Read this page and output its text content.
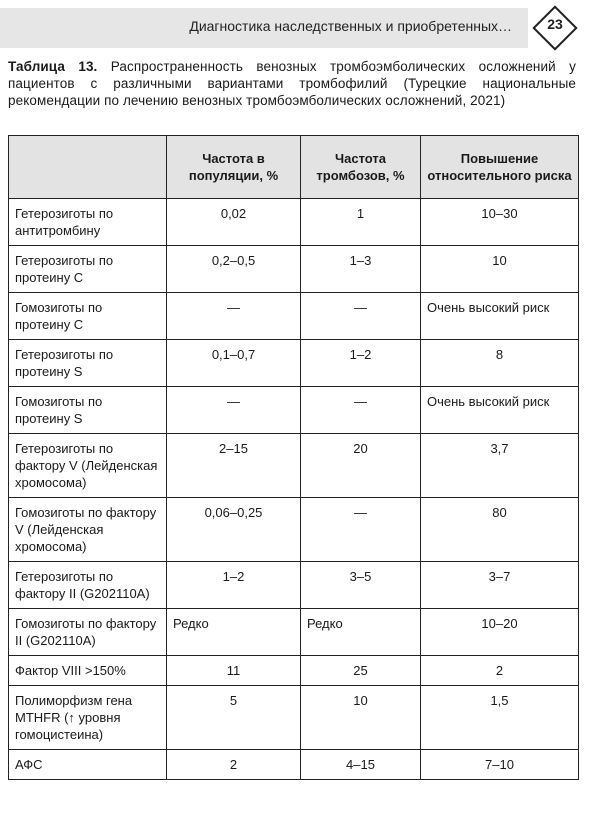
Диагностика наследственных и приобретенных…	23
Таблица 13. Распространенность венозных тромбоэмболических осложнений у пациентов с различными вариантами тромбофилий (Турецкие национальные рекомендации по лечению венозных тромбоэмболических осложнений, 2021)
	Частота в популяции, %	Частота тромбозов, %	Повышение относительного риска
Гетерозиготы по антитромбину	0,02	1	10–30
Гетерозиготы по протеину С	0,2–0,5	1–3	10
Гомозиготы по протеину С	—	—	Очень высокий риск
Гетерозиготы по протеину S	0,1–0,7	1–2	8
Гомозиготы по протеину S	—	—	Очень высокий риск
Гетерозиготы по фактору V (Лейденская хромосома)	2–15	20	3,7
Гомозиготы по фактору V (Лейденская хромосома)	0,06–0,25	—	80
Гетерозиготы по фактору II (G202110A)	1–2	3–5	3–7
Гомозиготы по фактору II (G202110A)	Редко	Редко	10–20
Фактор VIII >150%	11	25	2
Полиморфизм гена MTHFR (↑ уровня гомоцистеина)	5	10	1,5
АФС	2	4–15	7–10
